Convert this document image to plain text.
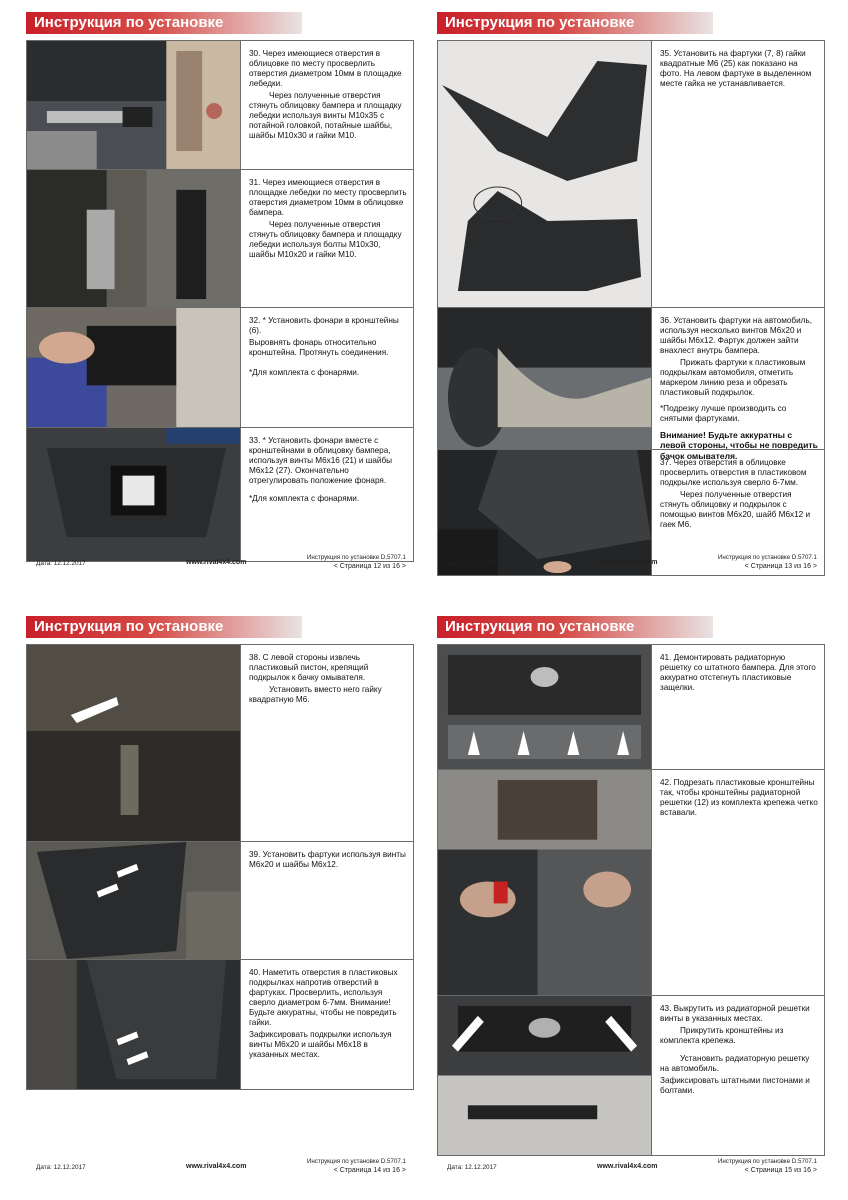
Инструкция по установке

30. Через имеющиеся отверстия в облицовке по месту просверлить отверстия диаметром 10мм в площадке лебедки.

Через полученные отверстия стянуть облицовку бампера и площадку лебедки используя винты M10x35 с потайной головкой, потайные шайбы, шайбы M10x30 и гайки M10.

31. Через имеющиеся отверстия в площадке лебедки по месту просверлить отверстия диаметром 10мм в облицовке бампера.

Через полученные отверстия стянуть облицовку бампера и площадку лебедки используя болты M10x30, шайбы M10x20 и гайки M10.

32. * Установить фонари в кронштейны (6).

Выровнять фонарь относительно кронштейна. Протянуть соединения.

*Для комплекта с фонарями.

33. * Установить фонари вместе с кронштейнами в облицовку бампера, используя винты M6x16 (21) и шайбы M6x12 (27). Окончательно отрегулировать положение фонаря.

*Для комплекта с фонарями.

Дата: 12.12.2017	www.rival4x4.com
Инструкция по установке D.5707.1
< Страница 12 из 16 >
Инструкция по установке

35. Установить на фартуки (7, 8) гайки квадратные M6 (25) как показано на фото. На левом фартуке в выделенном месте гайка не устанавливается.

36. Установить фартуки на автомобиль, используя несколько винтов M6x20 и шайбы M6x12. Фартук должен зайти внахлест внутрь бампера.

Прижать фартуки к пластиковым подкрылкам автомобиля, отметить маркером линию реза и обрезать пластиковый подкрылок.

*Подрезку лучше производить со снятыми фартуками.

Внимание! Будьте аккуратны с левой стороны, чтобы не повредить бачок омывателя.

37. Через отверстия в облицовке просверлить отверстия в пластиковом подкрылке используя сверло 6-7мм.

Через полученные отверстия стянуть облицовку и подкрылок с помощью винтов M6x20, шайб M6x12 и гаек M6.

Дата: 12.12.2017	www.rival4x4.com
Инструкция по установке D.5707.1
< Страница 13 из 16 >
Инструкция по установке

38. С левой стороны извлечь пластиковый пистон, крепящий подкрылок к бачку омывателя.

Установить вместо него гайку квадратную M6.

39. Установить фартуки используя винты M6x20 и шайбы M6x12.

40. Наметить отверстия в пластиковых подкрылках напротив отверстий в фартуках. Просверлить, используя сверло диаметром 6-7мм. Внимание! Будьте аккуратны, чтобы не повредить гайки.

Зафиксировать подкрылки используя винты M6x20 и шайбы M6x18 в указанных местах.

Дата: 12.12.2017	www.rival4x4.com
Инструкция по установке D.5707.1
< Страница 14 из 16 >
Инструкция по установке

41. Демонтировать радиаторную решетку со штатного бампера. Для этого аккуратно отстегнуть пластиковые защелки.

42. Подрезать пластиковые кронштейны так, чтобы кронштейны радиаторной решетки (12) из комплекта крепежа четко вставали.

43. Выкрутить из радиаторной решетки винты в указанных местах.

Прикрутить кронштейны из комплекта крепежа.

Установить радиаторную решетку на автомобиль.

Зафиксировать штатными пистонами и болтами.

Дата: 12.12.2017	www.rival4x4.com
Инструкция по установке D.5707.1
< Страница 15 из 16 >
